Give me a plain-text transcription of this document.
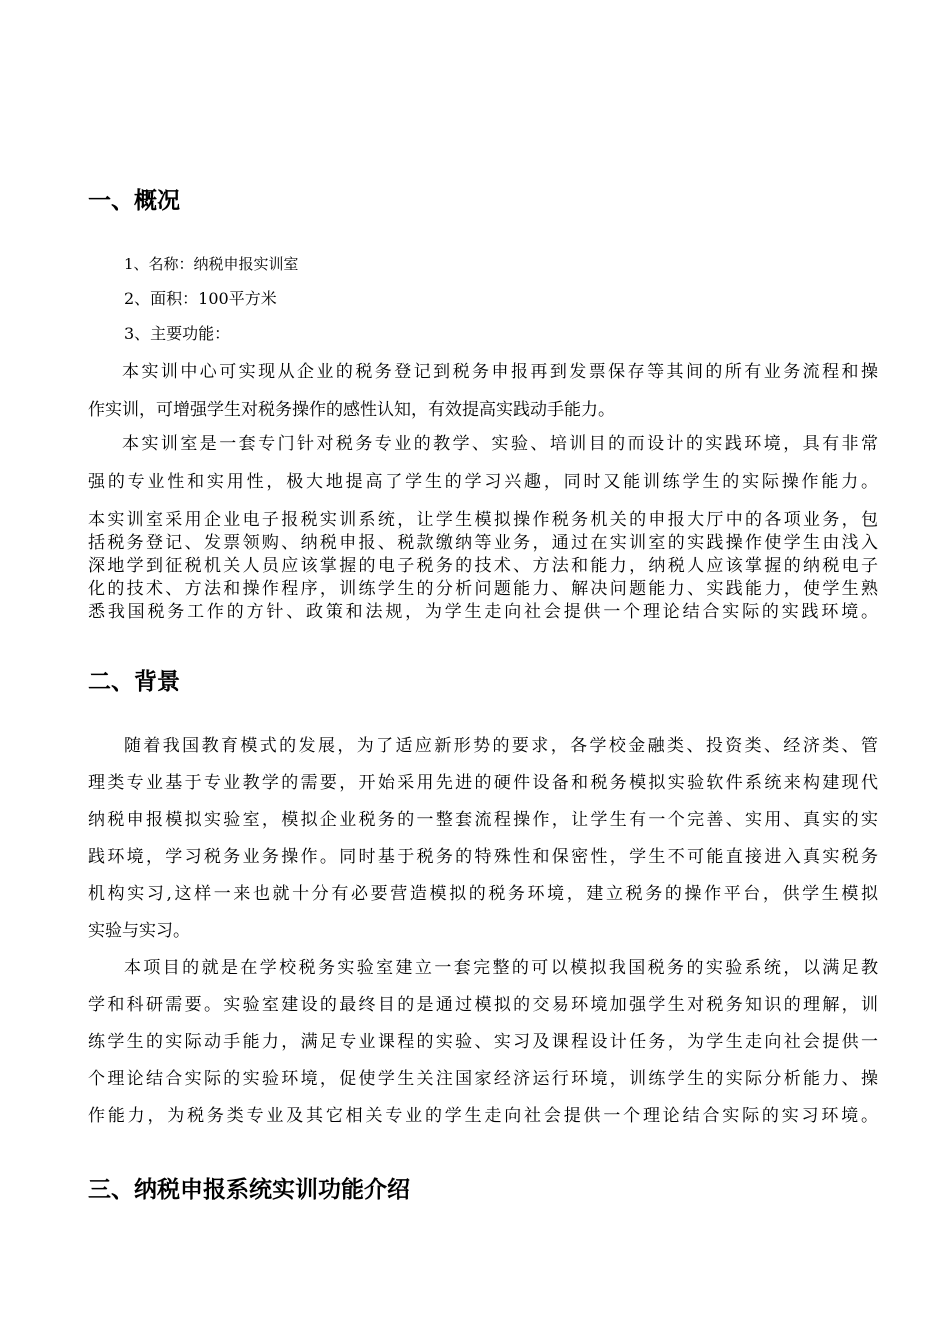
一、概况
1、名称：纳税申报实训室
2、面积：100平方米
3、主要功能：
本实训中心可实现从企业的税务登记到税务申报再到发票保存等其间的所有业务流程和操
作实训，可增强学生对税务操作的感性认知，有效提高实践动手能力。
本实训室是一套专门针对税务专业的教学、实验、培训目的而设计的实践环境，具有非常
强的专业性和实用性，极大地提高了学生的学习兴趣，同时又能训练学生的实际操作能力。
本实训室采用企业电子报税实训系统，让学生模拟操作税务机关的申报大厅中的各项业务，包
括税务登记、发票领购、纳税申报、税款缴纳等业务，通过在实训室的实践操作使学生由浅入
深地学到征税机关人员应该掌握的电子税务的技术、方法和能力，纳税人应该掌握的纳税电子
化的技术、方法和操作程序，训练学生的分析问题能力、解决问题能力、实践能力，使学生熟
悉我国税务工作的方针、政策和法规，为学生走向社会提供一个理论结合实际的实践环境。
二、背景
随着我国教育模式的发展，为了适应新形势的要求，各学校金融类、投资类、经济类、管
理类专业基于专业教学的需要，开始采用先进的硬件设备和税务模拟实验软件系统来构建现代
纳税申报模拟实验室，模拟企业税务的一整套流程操作，让学生有一个完善、实用、真实的实
践环境，学习税务业务操作。同时基于税务的特殊性和保密性，学生不可能直接进入真实税务
机构实习,这样一来也就十分有必要营造模拟的税务环境，建立税务的操作平台，供学生模拟
实验与实习。
本项目的就是在学校税务实验室建立一套完整的可以模拟我国税务的实验系统，以满足教
学和科研需要。实验室建设的最终目的是通过模拟的交易环境加强学生对税务知识的理解，训
练学生的实际动手能力，满足专业课程的实验、实习及课程设计任务，为学生走向社会提供一
个理论结合实际的实验环境，促使学生关注国家经济运行环境，训练学生的实际分析能力、操
作能力，为税务类专业及其它相关专业的学生走向社会提供一个理论结合实际的实习环境。
三、纳税申报系统实训功能介绍
